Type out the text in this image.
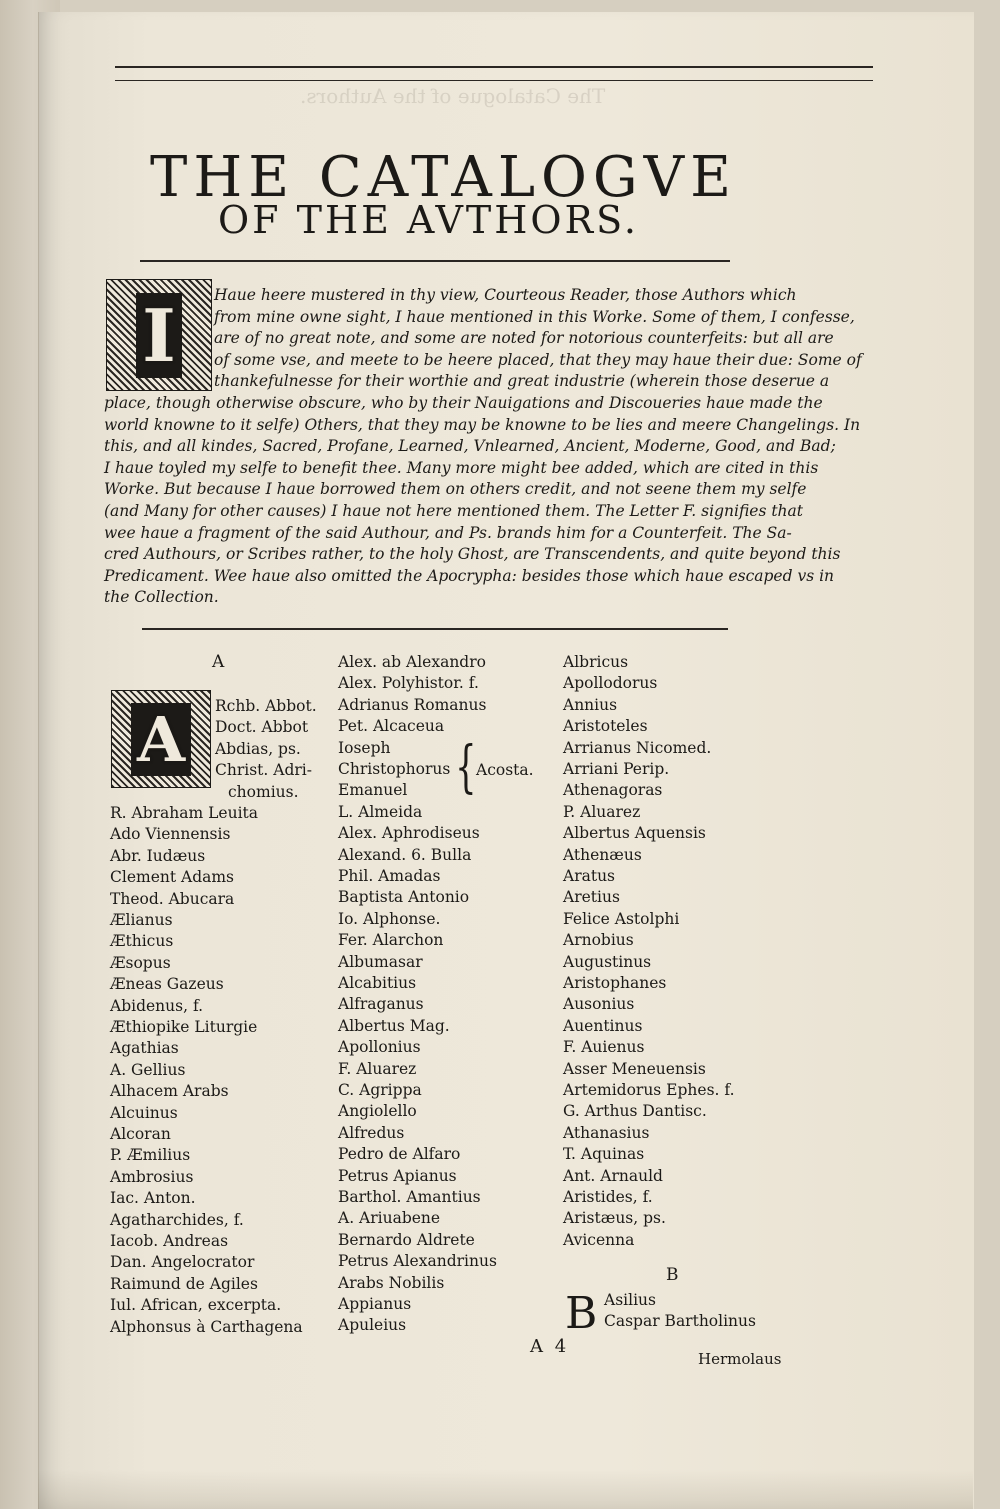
The Catalogue of the Authors.
THE CATALOGVE
OF THE AVTHORS.
I	Haue heere mustered in thy view, Courteous Reader, those Authors which
from mine owne sight, I haue mentioned in this Worke. Some of them, I confesse,
are of no great note, and some are noted for notorious counterfeits: but all are
of some vse, and meete to be heere placed, that they may haue their due: Some of
thankefulnesse for their worthie and great industrie (wherein those deserue a
place, though otherwise obscure, who by their Nauigations and Discoueries haue made the
world knowne to it selfe) Others, that they may be knowne to be lies and meere Changelings. In
this, and all kindes, Sacred, Profane, Learned, Vnlearned, Ancient, Moderne, Good, and Bad;
I haue toyled my selfe to benefit thee. Many more might bee added, which are cited in this
Worke. But because I haue borrowed them on others credit, and not seene them my selfe
(and Many for other causes) I haue not here mentioned them. The Letter F. signifies that
wee haue a fragment of the said Authour, and Ps. brands him for a Counterfeit. The Sa-
cred Authours, or Scribes rather, to the holy Ghost, are Transcendents, and quite beyond this
Predicament. Wee haue also omitted the Apocrypha: besides those which haue escaped vs in
the Collection.
A
A	Rchb. Abbot.
Doct. Abbot
Abdias, ps.
Christ. Adri-
chomius.
R. Abraham Leuita
Ado Viennensis
Abr. Iudæus
Clement Adams
Theod. Abucara
Ælianus
Æthicus
Æsopus
Æneas Gazeus
Abidenus, f.
Æthiopike Liturgie
Agathias
A. Gellius
Alhacem Arabs
Alcuinus
Alcoran
P. Æmilius
Ambrosius
Iac. Anton.
Agatharchides, f.
Iacob. Andreas
Dan. Angelocrator
Raimund de Agiles
Iul. African, excerpta.
Alphonsus à Carthagena
Alex. ab Alexandro
Alex. Polyhistor. f.
Adrianus Romanus
Pet. Alcaceua
Ioseph
Christophorus
Emanuel
L. Almeida
Alex. Aphrodiseus
Alexand. 6. Bulla
Phil. Amadas
Baptista Antonio
Io. Alphonse.
Fer. Alarchon
Albumasar
Alcabitius
Alfraganus
Albertus Mag.
Apollonius
F. Aluarez
C. Agrippa
Angiolello
Alfredus
Pedro de Alfaro
Petrus Apianus
Barthol. Amantius
A. Ariuabene
Bernardo Aldrete
Petrus Alexandrinus
Arabs Nobilis
Appianus
Apuleius
{ Acosta.
Albricus
Apollodorus
Annius
Aristoteles
Arrianus Nicomed.
Arriani Perip.
Athenagoras
P. Aluarez
Albertus Aquensis
Athenæus
Aratus
Aretius
Felice Astolphi
Arnobius
Augustinus
Aristophanes
Ausonius
Auentinus
F. Auienus
Asser Meneuensis
Artemidorus Ephes. f.
G. Arthus Dantisc.
Athanasius
T. Aquinas
Ant. Arnauld
Aristides, f.
Aristæus, ps.
Avicenna
B
B Asilius
Caspar Bartholinus
A 4
Hermolaus
